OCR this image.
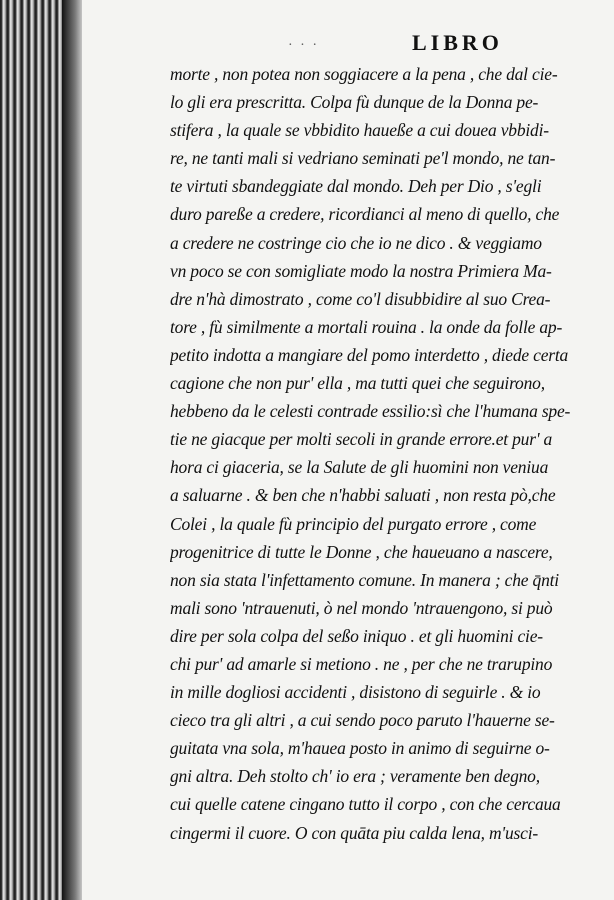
· · ·	LIBRO
morte , non potea non soggiacere a la pena , che dal cie-
lo gli era prescritta. Colpa fù dunque de la Donna pe-
stifera , la quale se vbbidito haueße a cui douea vbbidi-
re, ne tanti mali si vedriano seminati pe'l mondo, ne tan-
te virtuti sbandeggiate dal mondo. Deh per Dio , s'egli
duro pareße a credere, ricordianci al meno di quello, che
a credere ne costringe cio che io ne dico . & veggiamo
vn poco se con somigliate modo la nostra Primiera Ma-
dre n'hà dimostrato , come co'l disubbidire al suo Crea-
tore , fù similmente a mortali rouina . la onde da folle ap-
petito indotta a mangiare del pomo interdetto , diede certa
cagione che non pur' ella , ma tutti quei che seguirono,
hebbeno da le celesti contrade essilio:sì che l'humana spe-
tie ne giacque per molti secoli in grande errore.et pur' a
hora ci giaceria, se la Salute de gli huomini non veniua
a saluarne . & ben che n'habbi saluati , non resta pò,che
Colei , la quale fù principio del purgato errore , come
progenitrice di tutte le Donne , che haueuano a nascere,
non sia stata l'infettamento comune. In manera ; che q̄nti
mali sono 'ntrauenuti, ò nel mondo 'ntrauengono, si può
dire per sola colpa del seßo iniquo . et gli huomini cie-
chi pur' ad amarle si metiono . ne , per che ne trarupino
in mille dogliosi accidenti , disistono di seguirle . & io
cieco tra gli altri , a cui sendo poco paruto l'hauerne se-
guitata vna sola, m'hauea posto in animo di seguirne o-
gni altra. Deh stolto ch' io era ; veramente ben degno,
cui quelle catene cingano tutto il corpo , con che cercaua
cingermi il cuore. O con quāta piu calda lena, m'usci-
